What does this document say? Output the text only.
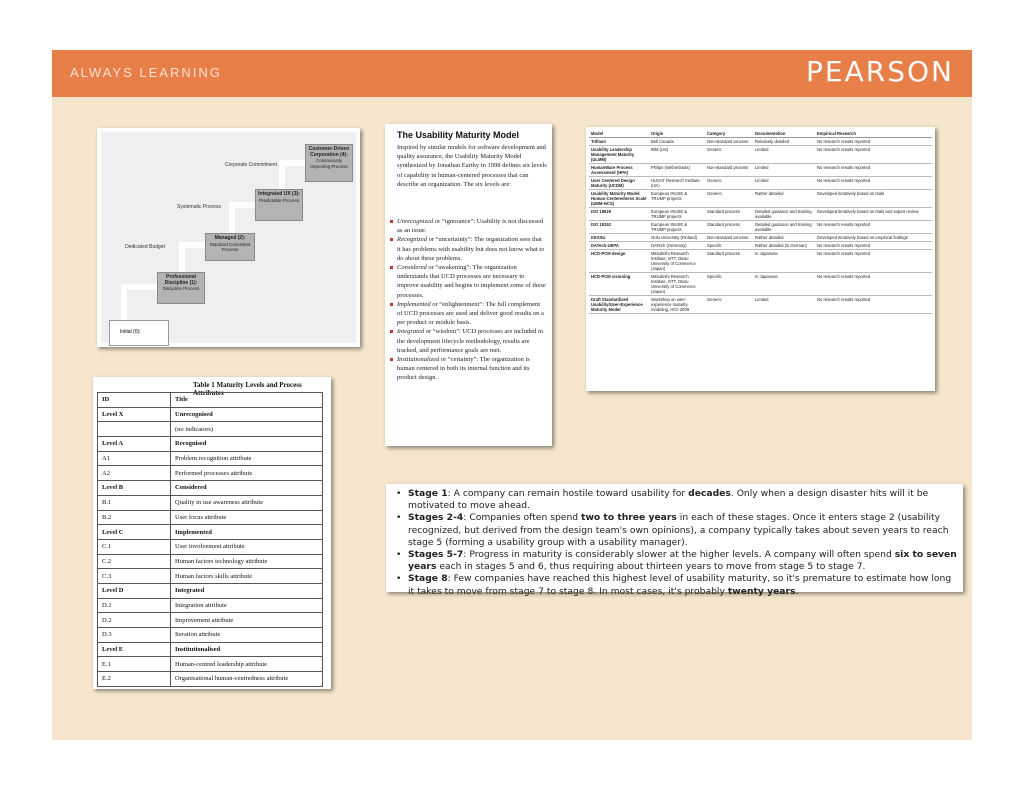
ALWAYS LEARNING	PEARSON
Initial (0):
Professional Discipline (1):
Discipline Process
Managed (2):
Standard Consistent Process
Integrated UX (3):
Predictable Process
Customer-Driven Corporation (4):
Continuously Improving Process
Dedicated Budget
Systematic Process
Corporate Commitment
Table 1 Maturity Levels and Process Attributes
ID	Title
Level X	Unrecognised
	(no indicators)
Level A	Recognised
A1	Problem recognition attribute
A2	Performed processes attribute
Level B	Considered
B.1	Quality in use awareness attribute
B.2	User focus attribute
Level C	Implemented
C.1	User involvement attribute
C.2	Human factors technology attribute
C.3	Human factors skills attribute
Level D	Integrated
D.1	Integration attribute
D.2	Improvement attribute
D.3	Iteration attribute
Level E	Institutionalised
E.1	Human-centred leadership attribute
E.2	Organisational human-centredness attribute
The Usability Maturity Model
Inspired by similar models for software development and quality assurance, the Usability Maturity Model synthesized by Jonathan Earthy in 1998 defines six levels of capability in human-centered processes that can describe an organization. The six levels are:
Unrecognized or “ignorance”: Usability is not discussed as an issue.
Recognized or “uncertainty”: The organization sees that it has problems with usability but does not know what to do about these problems.
Considered or “awakening”: The organization understands that UCD processes are necessary to improve usability and begins to implement some of these processes.
Implemented or “enlightenment”: The full complement of UCD processes are used and deliver good results on a per product or module basis.
Integrated or “wisdom”: UCD processes are included in the development lifecycle methodology, results are tracked, and performance goals are met.
Institutionalized or “certainty”: The organization is human centered in both its internal function and its product design.
Model	Origin	Category	Documentation	Empirical Research
Trillium	Bell Canada	Non-standard process	Relatively detailed	No research results reported
Usability Leadership Management Maturity (ULMM)	IBM (US)	Generic	Limited	No research results reported
HumanWare Process Assessment (HPA)	Philips (Netherlands)	Non-standard process	Limited	No research results reported
User Centered Design Maturity (UCDM)	HUSAT Research Institute (UK)	Generic	Limited	No research results reported
Usability Maturity Model: Human-Centeredness Scale (UMM-HCS)	European INUSE & TRUMP projects	Generic	Rather detailed	Developed iteratively based on trials
ISO 18529	European INUSE & TRUMP projects	Standard process	Detailed guidance and training available	Developed iteratively based on trials and expert review
ISO 18152	European INUSE & TRUMP projects	Standard process	Detailed guidance and training available	No research results reported
KESSU	Oulu University (Finland)	Non-standard process	Rather detailed	Developed iteratively based on empirical findings
DATech-UEPA	DATech (Germany)	Specific	Rather detailed (in German)	No research results reported
HCD-PCM design	Mitsubishi Research Institute, NTT, Otaru University of Commerce (Japan)	Standard process	In Japanese	No research results reported
HCD-PCM visioning	Mitsubishi Research Institute, NTT, Otaru University of Commerce (Japan)	Specific	In Japanese	No research results reported
Draft Standardized Usability/User-Experience Maturity Model	Workshop on user-experience maturity modeling, HCII 2009	Generic	Limited	No research results reported
• Stage 1: A company can remain hostile toward usability for decades. Only when a design disaster hits will it be motivated to move ahead.
• Stages 2-4: Companies often spend two to three years in each of these stages. Once it enters stage 2 (usability recognized, but derived from the design team's own opinions), a company typically takes about seven years to reach stage 5 (forming a usability group with a usability manager).
• Stages 5-7: Progress in maturity is considerably slower at the higher levels. A company will often spend six to seven years each in stages 5 and 6, thus requiring about thirteen years to move from stage 5 to stage 7.
• Stage 8: Few companies have reached this highest level of usability maturity, so it's premature to estimate how long it takes to move from stage 7 to stage 8. In most cases, it's probably twenty years.
